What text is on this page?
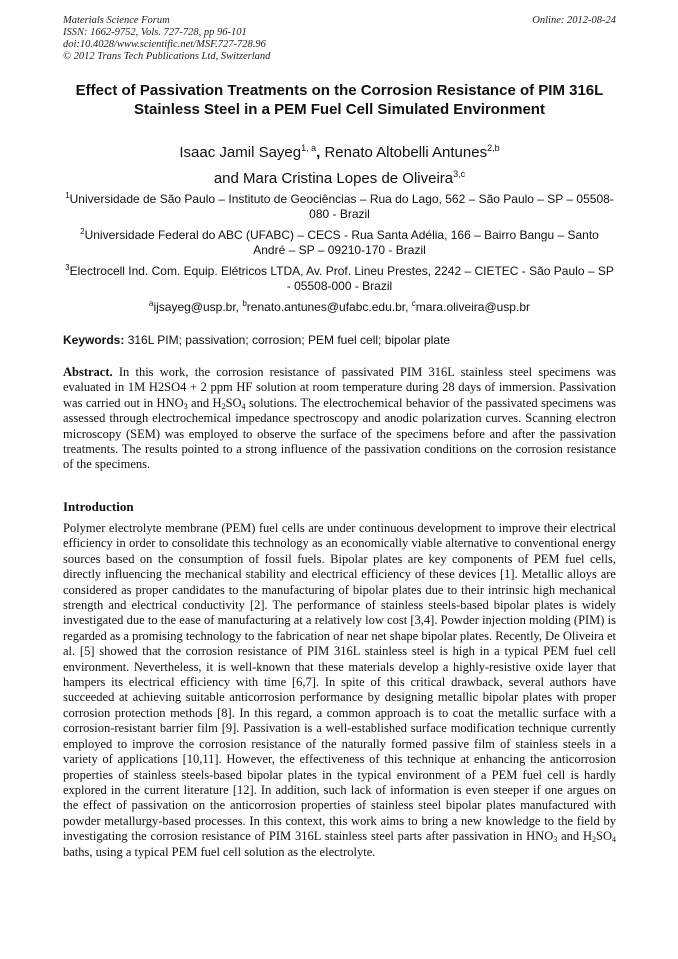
Materials Science Forum
ISSN: 1662-9752, Vols. 727-728, pp 96-101
doi:10.4028/www.scientific.net/MSF.727-728.96
© 2012 Trans Tech Publications Ltd, Switzerland
Online: 2012-08-24
Effect of Passivation Treatments on the Corrosion Resistance of PIM 316L Stainless Steel in a PEM Fuel Cell Simulated Environment
Isaac Jamil Sayeg$^{1, a}$, Renato Altobelli Antunes$^{2,b}$
and Mara Cristina Lopes de Oliveira$^{3,c}$
$^1$Universidade de São Paulo – Instituto de Geociências – Rua do Lago, 562 – São Paulo – SP – 05508-080 - Brazil
$^2$Universidade Federal do ABC (UFABC) – CECS - Rua Santa Adélia, 166 – Bairro Bangu – Santo André – SP – 09210-170 - Brazil
$^3$Electrocell Ind. Com. Equip. Elétricos LTDA, Av. Prof. Lineu Prestes, 2242 – CIETEC - São Paulo – SP - 05508-000 - Brazil
$^a$ijsayeg@usp.br, $^b$renato.antunes@ufabc.edu.br, $^c$mara.oliveira@usp.br
Keywords: 316L PIM; passivation; corrosion; PEM fuel cell; bipolar plate
Abstract. In this work, the corrosion resistance of passivated PIM 316L stainless steel specimens was evaluated in 1M H2SO4 + 2 ppm HF solution at room temperature during 28 days of immersion. Passivation was carried out in $HNO_3$ and $H_2SO_4$ solutions. The electrochemical behavior of the passivated specimens was assessed through electrochemical impedance spectroscopy and anodic polarization curves. Scanning electron microscopy (SEM) was employed to observe the surface of the specimens before and after the passivation treatments. The results pointed to a strong influence of the passivation conditions on the corrosion resistance of the specimens.
Introduction
Polymer electrolyte membrane (PEM) fuel cells are under continuous development to improve their electrical efficiency in order to consolidate this technology as an economically viable alternative to conventional energy sources based on the consumption of fossil fuels. Bipolar plates are key components of PEM fuel cells, directly influencing the mechanical stability and electrical efficiency of these devices [1]. Metallic alloys are considered as proper candidates to the manufacturing of bipolar plates due to their intrinsic high mechanical strength and electrical conductivity [2]. The performance of stainless steels-based bipolar plates is widely investigated due to the ease of manufacturing at a relatively low cost [3,4]. Powder injection molding (PIM) is regarded as a promising technology to the fabrication of near net shape bipolar plates. Recently, De Oliveira et al. [5] showed that the corrosion resistance of PIM 316L stainless steel is high in a typical PEM fuel cell environment. Nevertheless, it is well-known that these materials develop a highly-resistive oxide layer that hampers its electrical efficiency with time [6,7]. In spite of this critical drawback, several authors have succeeded at achieving suitable anticorrosion performance by designing metallic bipolar plates with proper corrosion protection methods [8]. In this regard, a common approach is to coat the metallic surface with a corrosion-resistant barrier film [9]. Passivation is a well-established surface modification technique currently employed to improve the corrosion resistance of the naturally formed passive film of stainless steels in a variety of applications [10,11]. However, the effectiveness of this technique at enhancing the anticorrosion properties of stainless steels-based bipolar plates in the typical environment of a PEM fuel cell is hardly explored in the current literature [12]. In addition, such lack of information is even steeper if one argues on the effect of passivation on the anticorrosion properties of stainless steel bipolar plates manufactured with powder metallurgy-based processes. In this context, this work aims to bring a new knowledge to the field by investigating the corrosion resistance of PIM 316L stainless steel parts after passivation in $HNO_3$ and $H_2SO_4$ baths, using a typical PEM fuel cell solution as the electrolyte.
